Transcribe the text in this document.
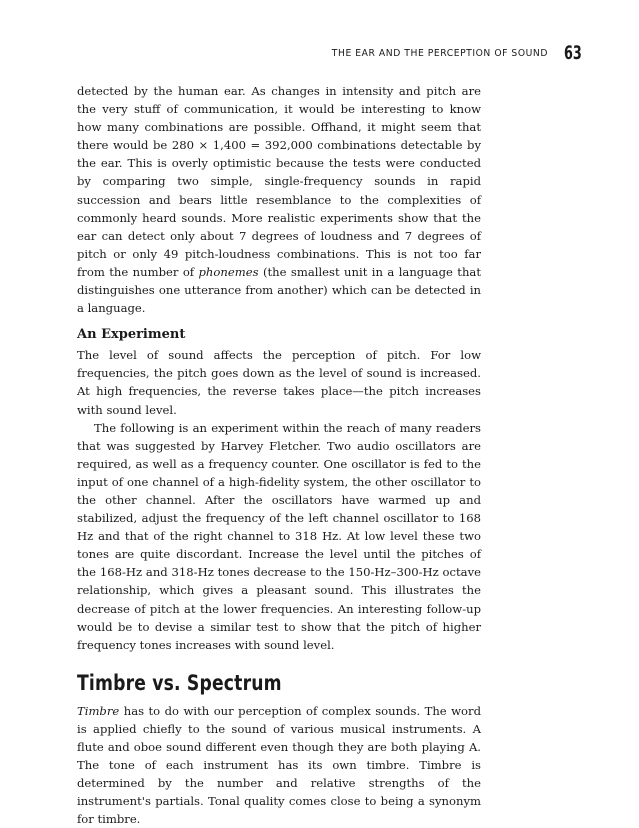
THE EAR AND THE PERCEPTION OF SOUND 63

detected by the human ear. As changes in intensity and pitch are the very stuff of communication, it would be interesting to know how many combinations are possible. Offhand, it might seem that there would be 280 × 1,400 = 392,000 combinations detectable by the ear. This is overly optimistic because the tests were conducted by comparing two simple, single-frequency sounds in rapid succession and bears little resemblance to the complexities of commonly heard sounds. More realistic experiments show that the ear can detect only about 7 degrees of loudness and 7 degrees of pitch or only 49 pitch-loudness combinations. This is not too far from the number of phonemes (the smallest unit in a language that distinguishes one utterance from another) which can be detected in a language.

An Experiment

The level of sound affects the perception of pitch. For low frequencies, the pitch goes down as the level of sound is increased. At high frequencies, the reverse takes place—the pitch increases with sound level.

The following is an experiment within the reach of many readers that was suggested by Harvey Fletcher. Two audio oscillators are required, as well as a frequency counter. One oscillator is fed to the input of one channel of a high-fidelity system, the other oscillator to the other channel. After the oscillators have warmed up and stabilized, adjust the frequency of the left channel oscillator to 168 Hz and that of the right channel to 318 Hz. At low level these two tones are quite discordant. Increase the level until the pitches of the 168-Hz and 318-Hz tones decrease to the 150-Hz–300-Hz octave relationship, which gives a pleasant sound. This illustrates the decrease of pitch at the lower frequencies. An interesting follow-up would be to devise a similar test to show that the pitch of higher frequency tones increases with sound level.

Timbre vs. Spectrum

Timbre has to do with our perception of complex sounds. The word is applied chiefly to the sound of various musical instruments. A flute and oboe sound different even though they are both playing A. The tone of each instrument has its own timbre. Timbre is determined by the number and relative strengths of the instrument's partials. Tonal quality comes close to being a synonym for timbre.
